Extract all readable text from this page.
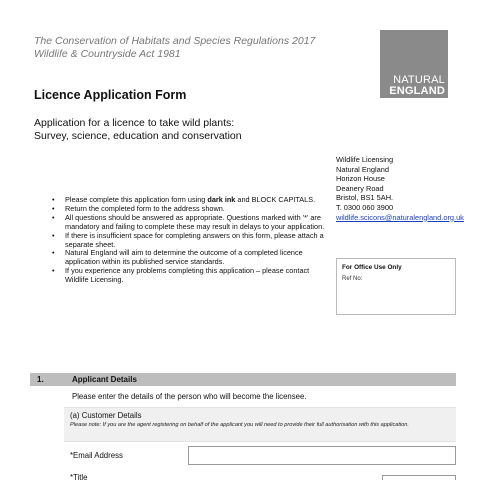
The Conservation of Habitats and Species Regulations 2017
Wildlife & Countryside Act 1981
NATURAL
ENGLAND
Licence Application Form
Application for a licence to take wild plants:
Survey, science, education and conservation
Wildlife Licensing
Natural England
Horizon House
Deanery Road
Bristol, BS1 5AH.
T. 0300 060 3900
wildlife.scicons@naturalengland.org.uk
• Please complete this application form using dark ink and BLOCK CAPITALS.
• Return the completed form to the address shown.
• All questions should be answered as appropriate. Questions marked with '*' are mandatory and failing to complete these may result in delays to your application.
• If there is insufficient space for completing answers on this form, please attach a separate sheet.
• Natural England will aim to determine the outcome of a completed licence application within its published service standards.
• If you experience any problems completing this application – please contact Wildlife Licensing.
For Office Use Only
Ref No:
1.	Applicant Details
Please enter the details of the person who will become the licensee.
(a) Customer Details
Please note: If you are the agent registering on behalf of the applicant you will need to provide their full authorisation with this application.
*Email Address
*Title
